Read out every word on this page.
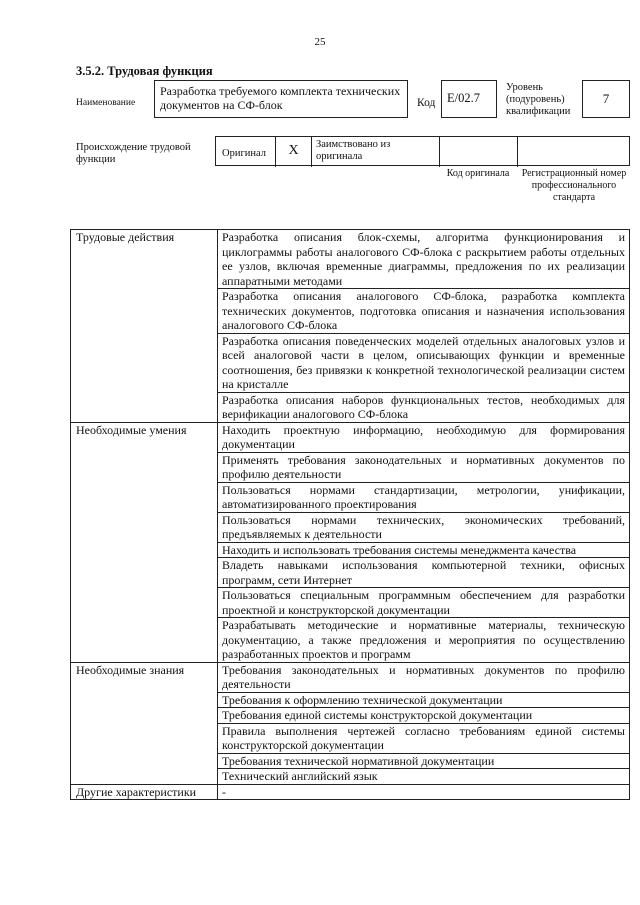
25
3.5.2. Трудовая функция
Наименование
Разработка требуемого комплекта технических документов на СФ-блок	Код E/02.7
Уровень (подуровень) квалификации
7
Происхождение трудовой функции
Оригинал	X	Заимствовано из оригинала
Код оригинала	Регистрационный номер профессионального стандарта
Трудовые действия	Разработка описания блок-схемы, алгоритма функционирования и циклограммы работы аналогового СФ-блока с раскрытием работы отдельных ее узлов, включая временные диаграммы, предложения по их реализации аппаратными методами
	Разработка описания аналогового СФ-блока, разработка комплекта технических документов, подготовка описания и назначения использования аналогового СФ-блока
	Разработка описания поведенческих моделей отдельных аналоговых узлов и всей аналоговой части в целом, описывающих функции и временные соотношения, без привязки к конкретной технологической реализации систем на кристалле
	Разработка описания наборов функциональных тестов, необходимых для верификации аналогового СФ-блока
Необходимые умения	Находить проектную информацию, необходимую для формирования документации
	Применять требования законодательных и нормативных документов по профилю деятельности
	Пользоваться нормами стандартизации, метрологии, унификации, автоматизированного проектирования
	Пользоваться нормами технических, экономических требований, предъявляемых к деятельности
	Находить и использовать требования системы менеджмента качества
	Владеть навыками использования компьютерной техники, офисных программ, сети Интернет
	Пользоваться специальным программным обеспечением для разработки проектной и конструкторской документации
	Разрабатывать методические и нормативные материалы, техническую документацию, а также предложения и мероприятия по осуществлению разработанных проектов и программ
Необходимые знания	Требования законодательных и нормативных документов по профилю деятельности
	Требования к оформлению технической документации
	Требования единой системы конструкторской документации
	Правила выполнения чертежей согласно требованиям единой системы конструкторской документации
	Требования технической нормативной документации
	Технический английский язык
Другие характеристики	-
